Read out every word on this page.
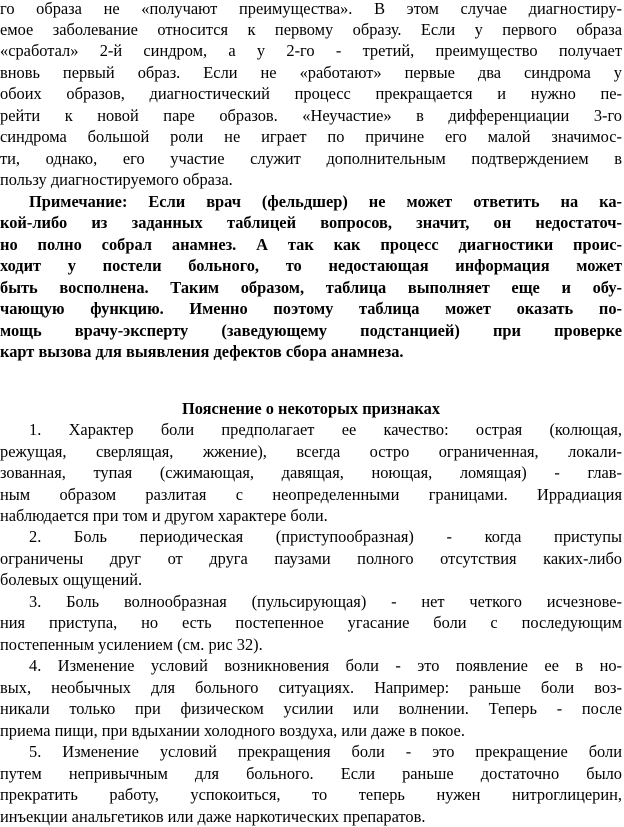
го образа не «получают преимущества». В этом случае диагностиру-
емое заболевание относится к первому образу. Если у первого образа
«сработал» 2-й синдром, а у 2-го - третий, преимущество получает
вновь первый образ. Если не «работают» первые два синдрома у
обоих образов, диагностический процесс прекращается и нужно пе-
рейти к новой паре образов. «Неучастие» в дифференциации 3-го
синдрома большой роли не играет по причине его малой значимос-
ти, однако, его участие служит дополнительным подтверждением в
пользу диагностируемого образа.
Примечание: Если врач (фельдшер) не может ответить на ка-
кой-либо из заданных таблицей вопросов, значит, он недостаточ-
но полно собрал анамнез. А так как процесс диагностики проис-
ходит у постели больного, то недостающая информация может
быть восполнена. Таким образом, таблица выполняет еще и обу-
чающую функцию. Именно поэтому таблица может оказать по-
мощь врачу-эксперту (заведующему подстанцией) при проверке
карт вызова для выявления дефектов сбора анамнеза.
Пояснение о некоторых признаках
1. Характер боли предполагает ее качество: острая (колющая,
режущая, сверлящая, жжение), всегда остро ограниченная, локали-
зованная, тупая (сжимающая, давящая, ноющая, ломящая) - глав-
ным образом разлитая с неопределенными границами. Иррадиация
наблюдается при том и другом характере боли.
2. Боль периодическая (приступообразная) - когда приступы
ограничены друг от друга паузами полного отсутствия каких-либо
болевых ощущений.
3. Боль волнообразная (пульсирующая) - нет четкого исчезнове-
ния приступа, но есть постепенное угасание боли с последующим
постепенным усилением (см. рис 32).
4. Изменение условий возникновения боли - это появление ее в но-
вых, необычных для больного ситуациях. Например: раньше боли воз-
никали только при физическом усилии или волнении. Теперь - после
приема пищи, при вдыхании холодного воздуха, или даже в покое.
5. Изменение условий прекращения боли - это прекращение боли
путем непривычным для больного. Если раньше достаточно было
прекратить работу, успокоиться, то теперь нужен нитроглицерин,
инъекции анальгетиков или даже наркотических препаратов.
